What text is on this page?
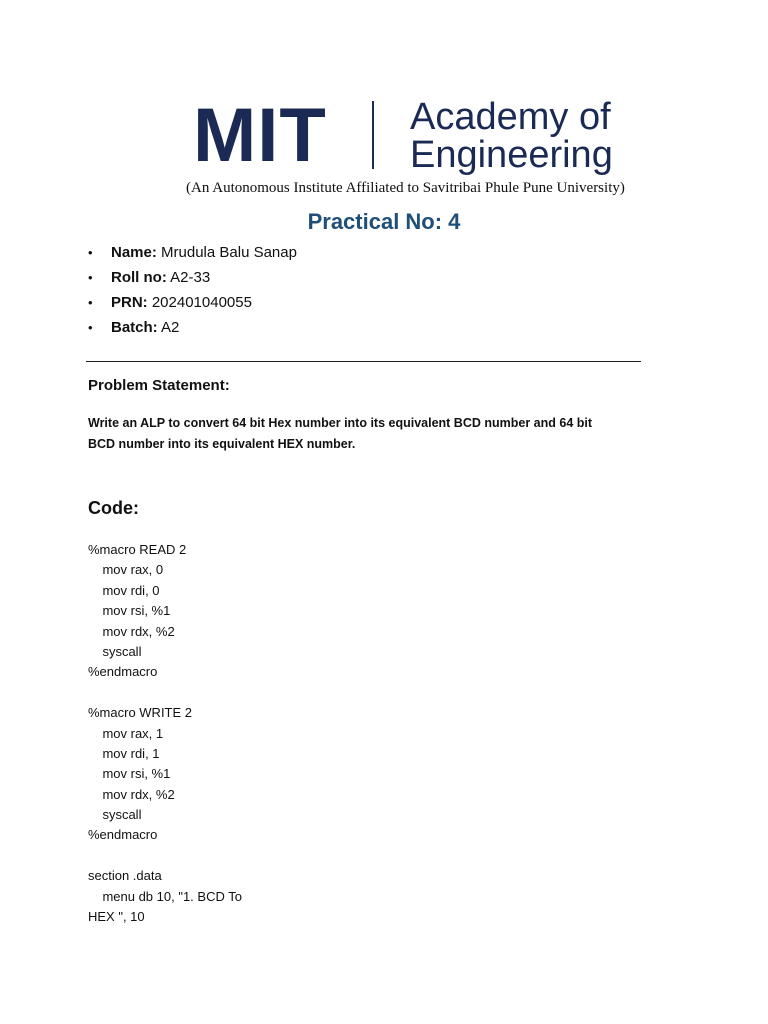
MIT Academy of
Engineering
(An Autonomous Institute Affiliated to Savitribai Phule Pune University)
Practical No: 4
• Name: Mrudula Balu Sanap
• Roll no: A2-33
• PRN: 202401040055
• Batch: A2
Problem Statement:
Write an ALP to convert 64 bit Hex number into its equivalent BCD number and 64 bit
BCD number into its equivalent HEX number.
Code:
%macro READ 2
mov rax, 0
mov rdi, 0
mov rsi, %1
mov rdx, %2
syscall
%endmacro
%macro WRITE 2
mov rax, 1
mov rdi, 1
mov rsi, %1
mov rdx, %2
syscall
%endmacro
section .data
menu db 10, "1. BCD To
HEX ", 10
